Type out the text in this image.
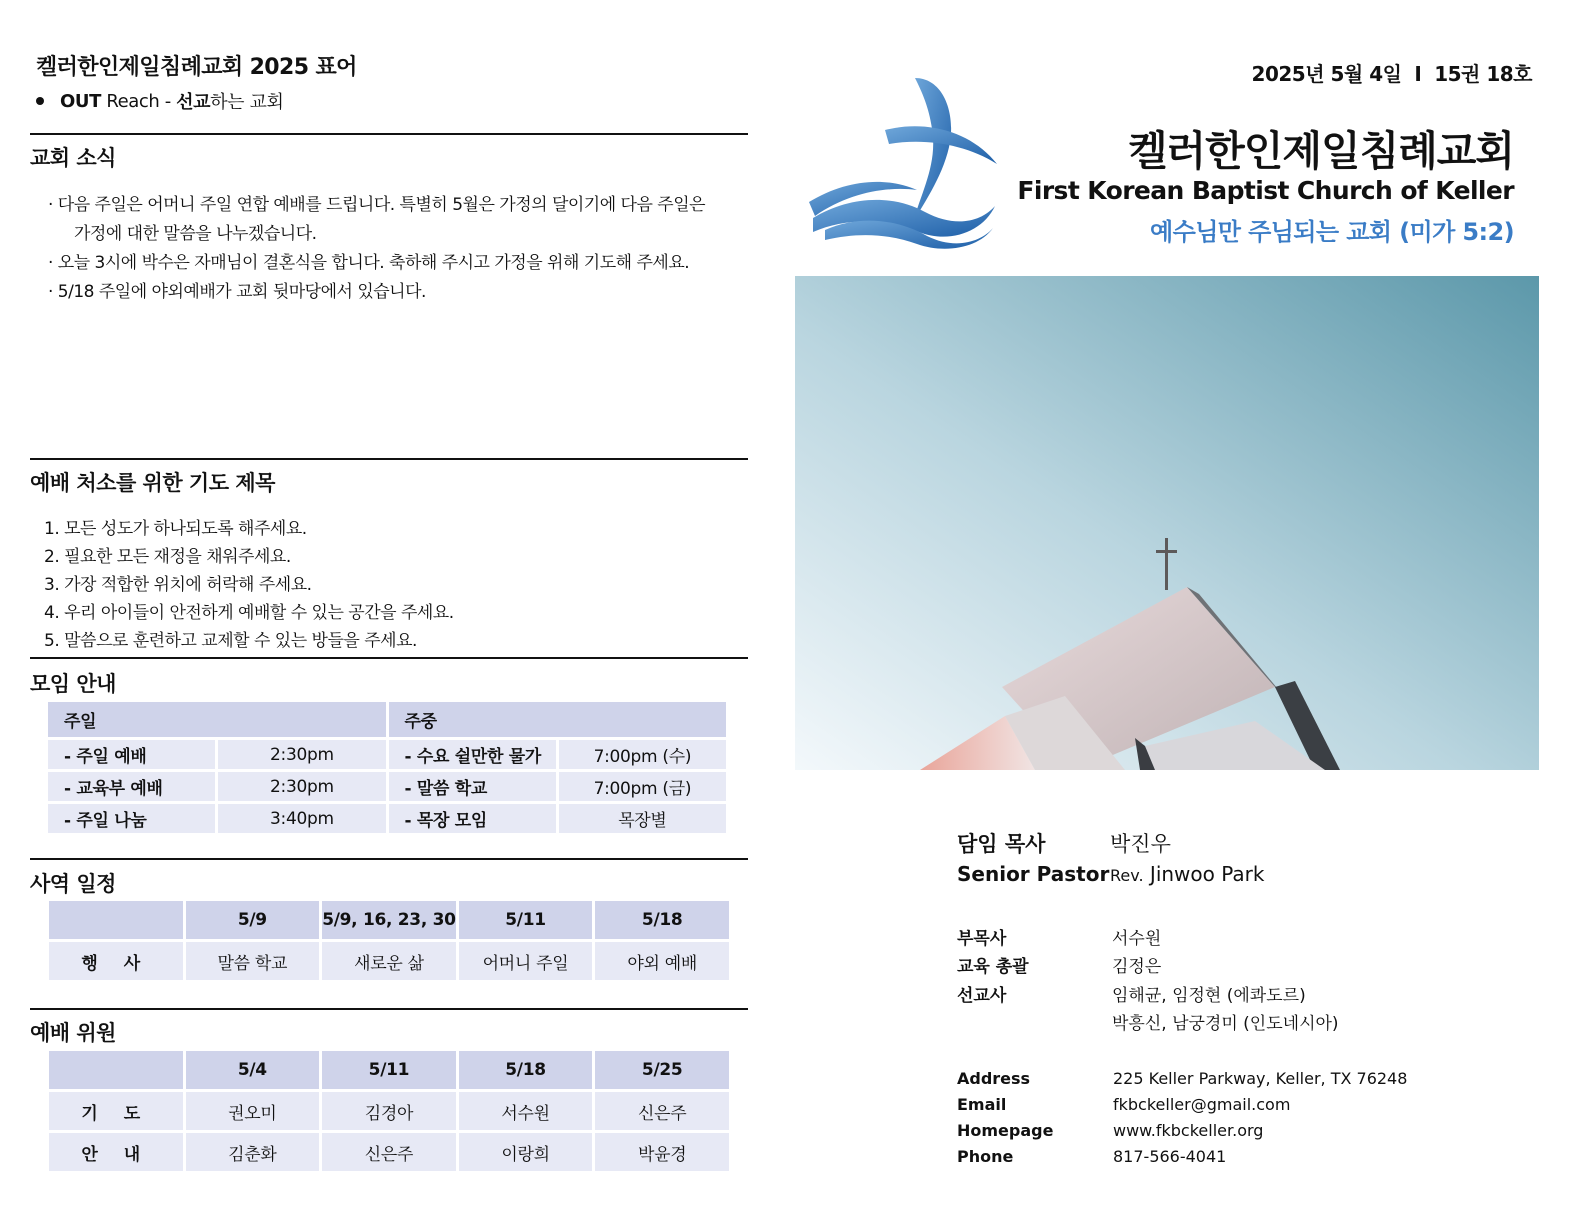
켈러한인제일침례교회 2025 표어
OUT Reach - 선교 하는 교회
교회 소식
· 다음 주일은 어머니 주일 연합 예배를 드립니다. 특별히 5월은 가정의 달이기에 다음 주일은
가정에 대한 말씀을 나누겠습니다.
· 오늘 3시에 박수은 자매님이 결혼식을 합니다. 축하해 주시고 가정을 위해 기도해 주세요.
· 5/18 주일에 야외예배가 교회 뒷마당에서 있습니다.
예배 처소를 위한 기도 제목
1. 모든 성도가 하나되도록 해주세요.
2. 필요한 모든 재정을 채워주세요.
3. 가장 적합한 위치에 허락해 주세요.
4. 우리 아이들이 안전하게 예배할 수 있는 공간을 주세요.
5. 말씀으로 훈련하고 교제할 수 있는 방들을 주세요.
모임 안내
주일		주중	
- 주일 예배	2:30pm	- 수요 쉴만한 물가	7:00pm (수)
- 교육부 예배	2:30pm	- 말씀 학교	7:00pm (금)
- 주일 나눔	3:40pm	- 목장 모임	목장별
사역 일정
	5/9	5/9, 16, 23, 30	5/11	5/18
행 사	말씀 학교	새로운 삶	어머니 주일	야외 예배
예배 위원
	5/4	5/11	5/18	5/25
기 도	권오미	김경아	서수원	신은주
안 내	김춘화	신은주	이랑희	박윤경
2025년 5월 4일  I  15권 18호
켈러한인제일침례교회
First Korean Baptist Church of Keller
예수님만 주님되는 교회 (미가 5:2)
담임 목사	박진우
Senior Pastor Rev. Jinwoo Park
부목사	서수원
교육 총괄	김정은
선교사	임해균, 임정현 (에콰도르)
박흥신, 남궁경미 (인도네시아)
Address	225 Keller Parkway, Keller, TX 76248
Email	fkbckeller@gmail.com
Homepage	www.fkbckeller.org
Phone	817-566-4041
